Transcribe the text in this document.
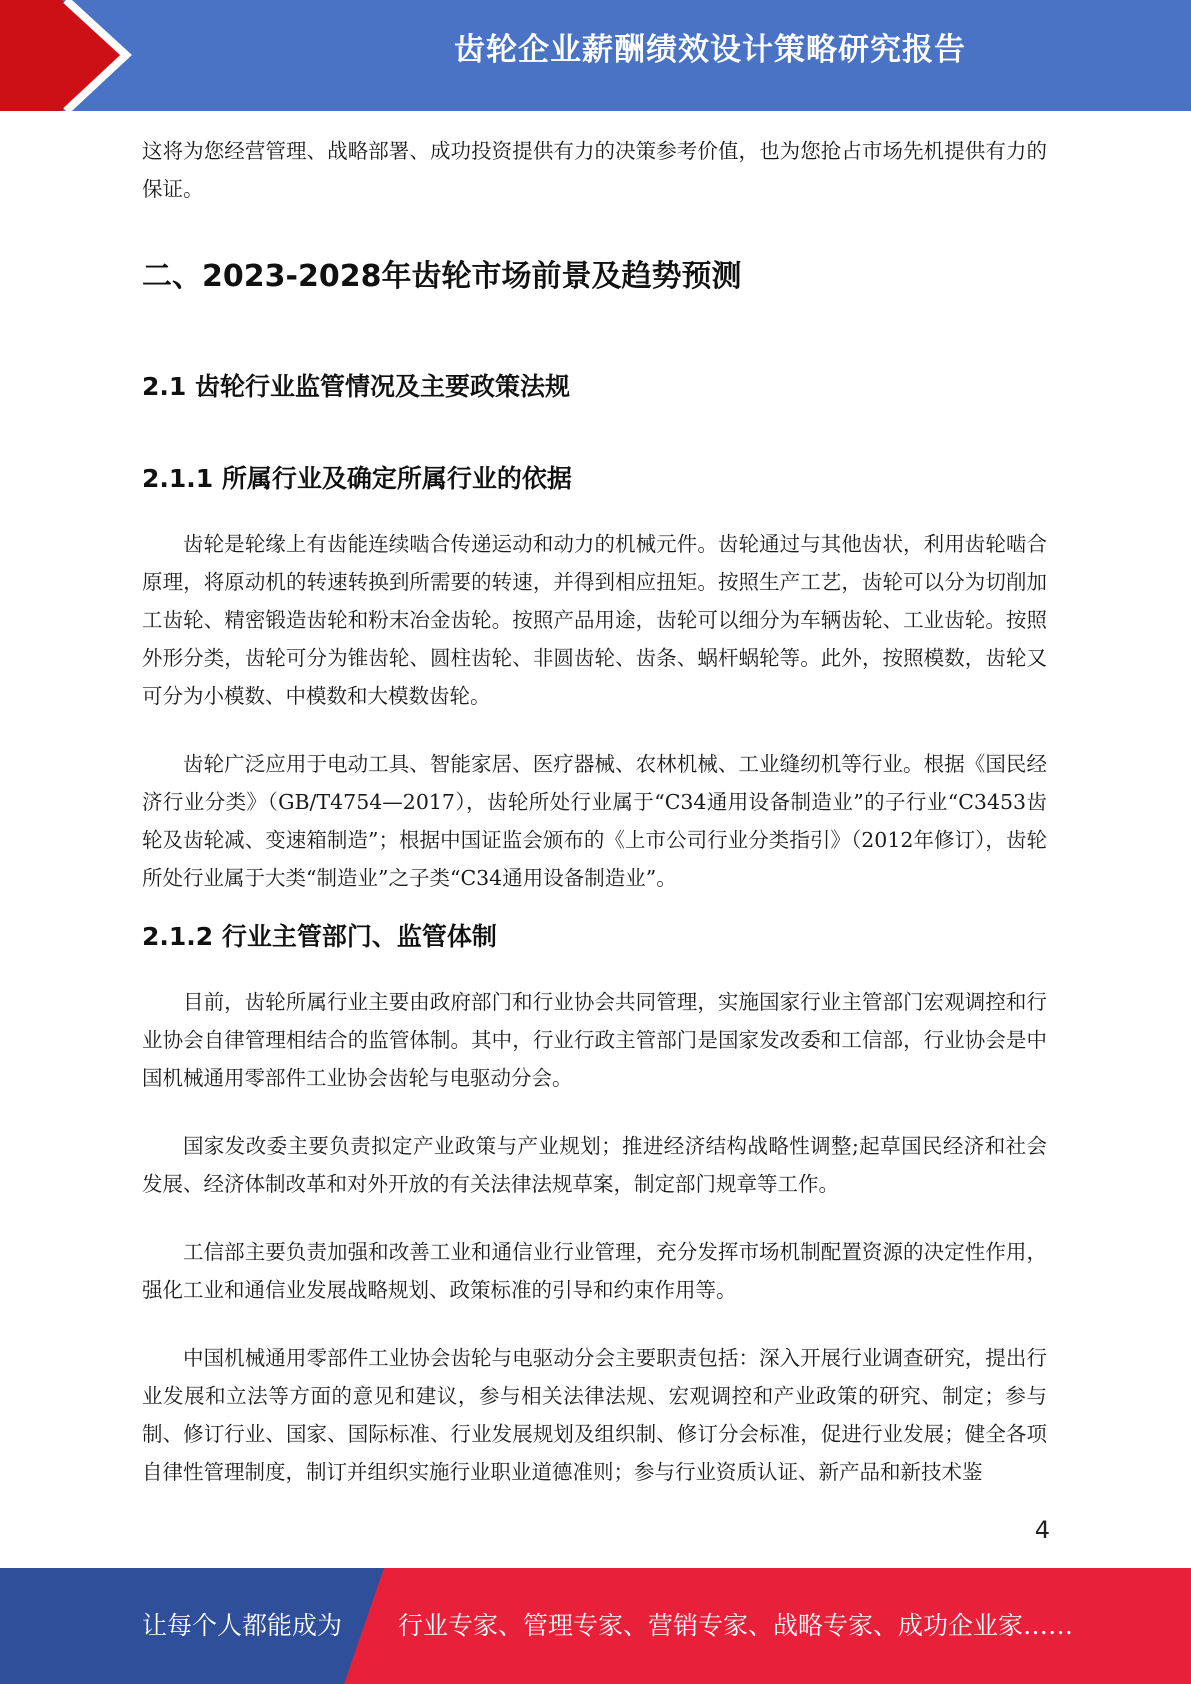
齿轮企业薪酬绩效设计策略研究报告

这将为您经营管理、战略部署、成功投资提供有力的决策参考价值，也为您抢占市场先机提供有力的保证。

二、2023-2028年齿轮市场前景及趋势预测
2.1 齿轮行业监管情况及主要政策法规
2.1.1 所属行业及确定所属行业的依据

齿轮是轮缘上有齿能连续啮合传递运动和动力的机械元件。齿轮通过与其他齿状，利用齿轮啮合原理，将原动机的转速转换到所需要的转速，并得到相应扭矩。按照生产工艺，齿轮可以分为切削加工齿轮、精密锻造齿轮和粉末冶金齿轮。按照产品用途，齿轮可以细分为车辆齿轮、工业齿轮。按照外形分类，齿轮可分为锥齿轮、圆柱齿轮、非圆齿轮、齿条、蜗杆蜗轮等。此外，按照模数，齿轮又可分为小模数、中模数和大模数齿轮。

齿轮广泛应用于电动工具、智能家居、医疗器械、农林机械、工业缝纫机等行业。根据《国民经济行业分类》（GB/T4754—2017），齿轮所处行业属于“C34通用设备制造业”的子行业“C3453齿轮及齿轮减、变速箱制造”；根据中国证监会颁布的《上市公司行业分类指引》（2012年修订），齿轮所处行业属于大类“制造业”之子类“C34通用设备制造业”。

2.1.2 行业主管部门、监管体制

目前，齿轮所属行业主要由政府部门和行业协会共同管理，实施国家行业主管部门宏观调控和行业协会自律管理相结合的监管体制。其中，行业行政主管部门是国家发改委和工信部，行业协会是中国机械通用零部件工业协会齿轮与电驱动分会。

国家发改委主要负责拟定产业政策与产业规划；推进经济结构战略性调整;起草国民经济和社会发展、经济体制改革和对外开放的有关法律法规草案，制定部门规章等工作。

工信部主要负责加强和改善工业和通信业行业管理，充分发挥市场机制配置资源的决定性作用，强化工业和通信业发展战略规划、政策标准的引导和约束作用等。

中国机械通用零部件工业协会齿轮与电驱动分会主要职责包括：深入开展行业调查研究，提出行业发展和立法等方面的意见和建议，参与相关法律法规、宏观调控和产业政策的研究、制定；参与制、修订行业、国家、国际标准、行业发展规划及组织制、修订分会标准，促进行业发展；健全各项自律性管理制度，制订并组织实施行业职业道德准则；参与行业资质认证、新产品和新技术鉴

4
让每个人都能成为 行业专家、管理专家、营销专家、战略专家、成功企业家……
